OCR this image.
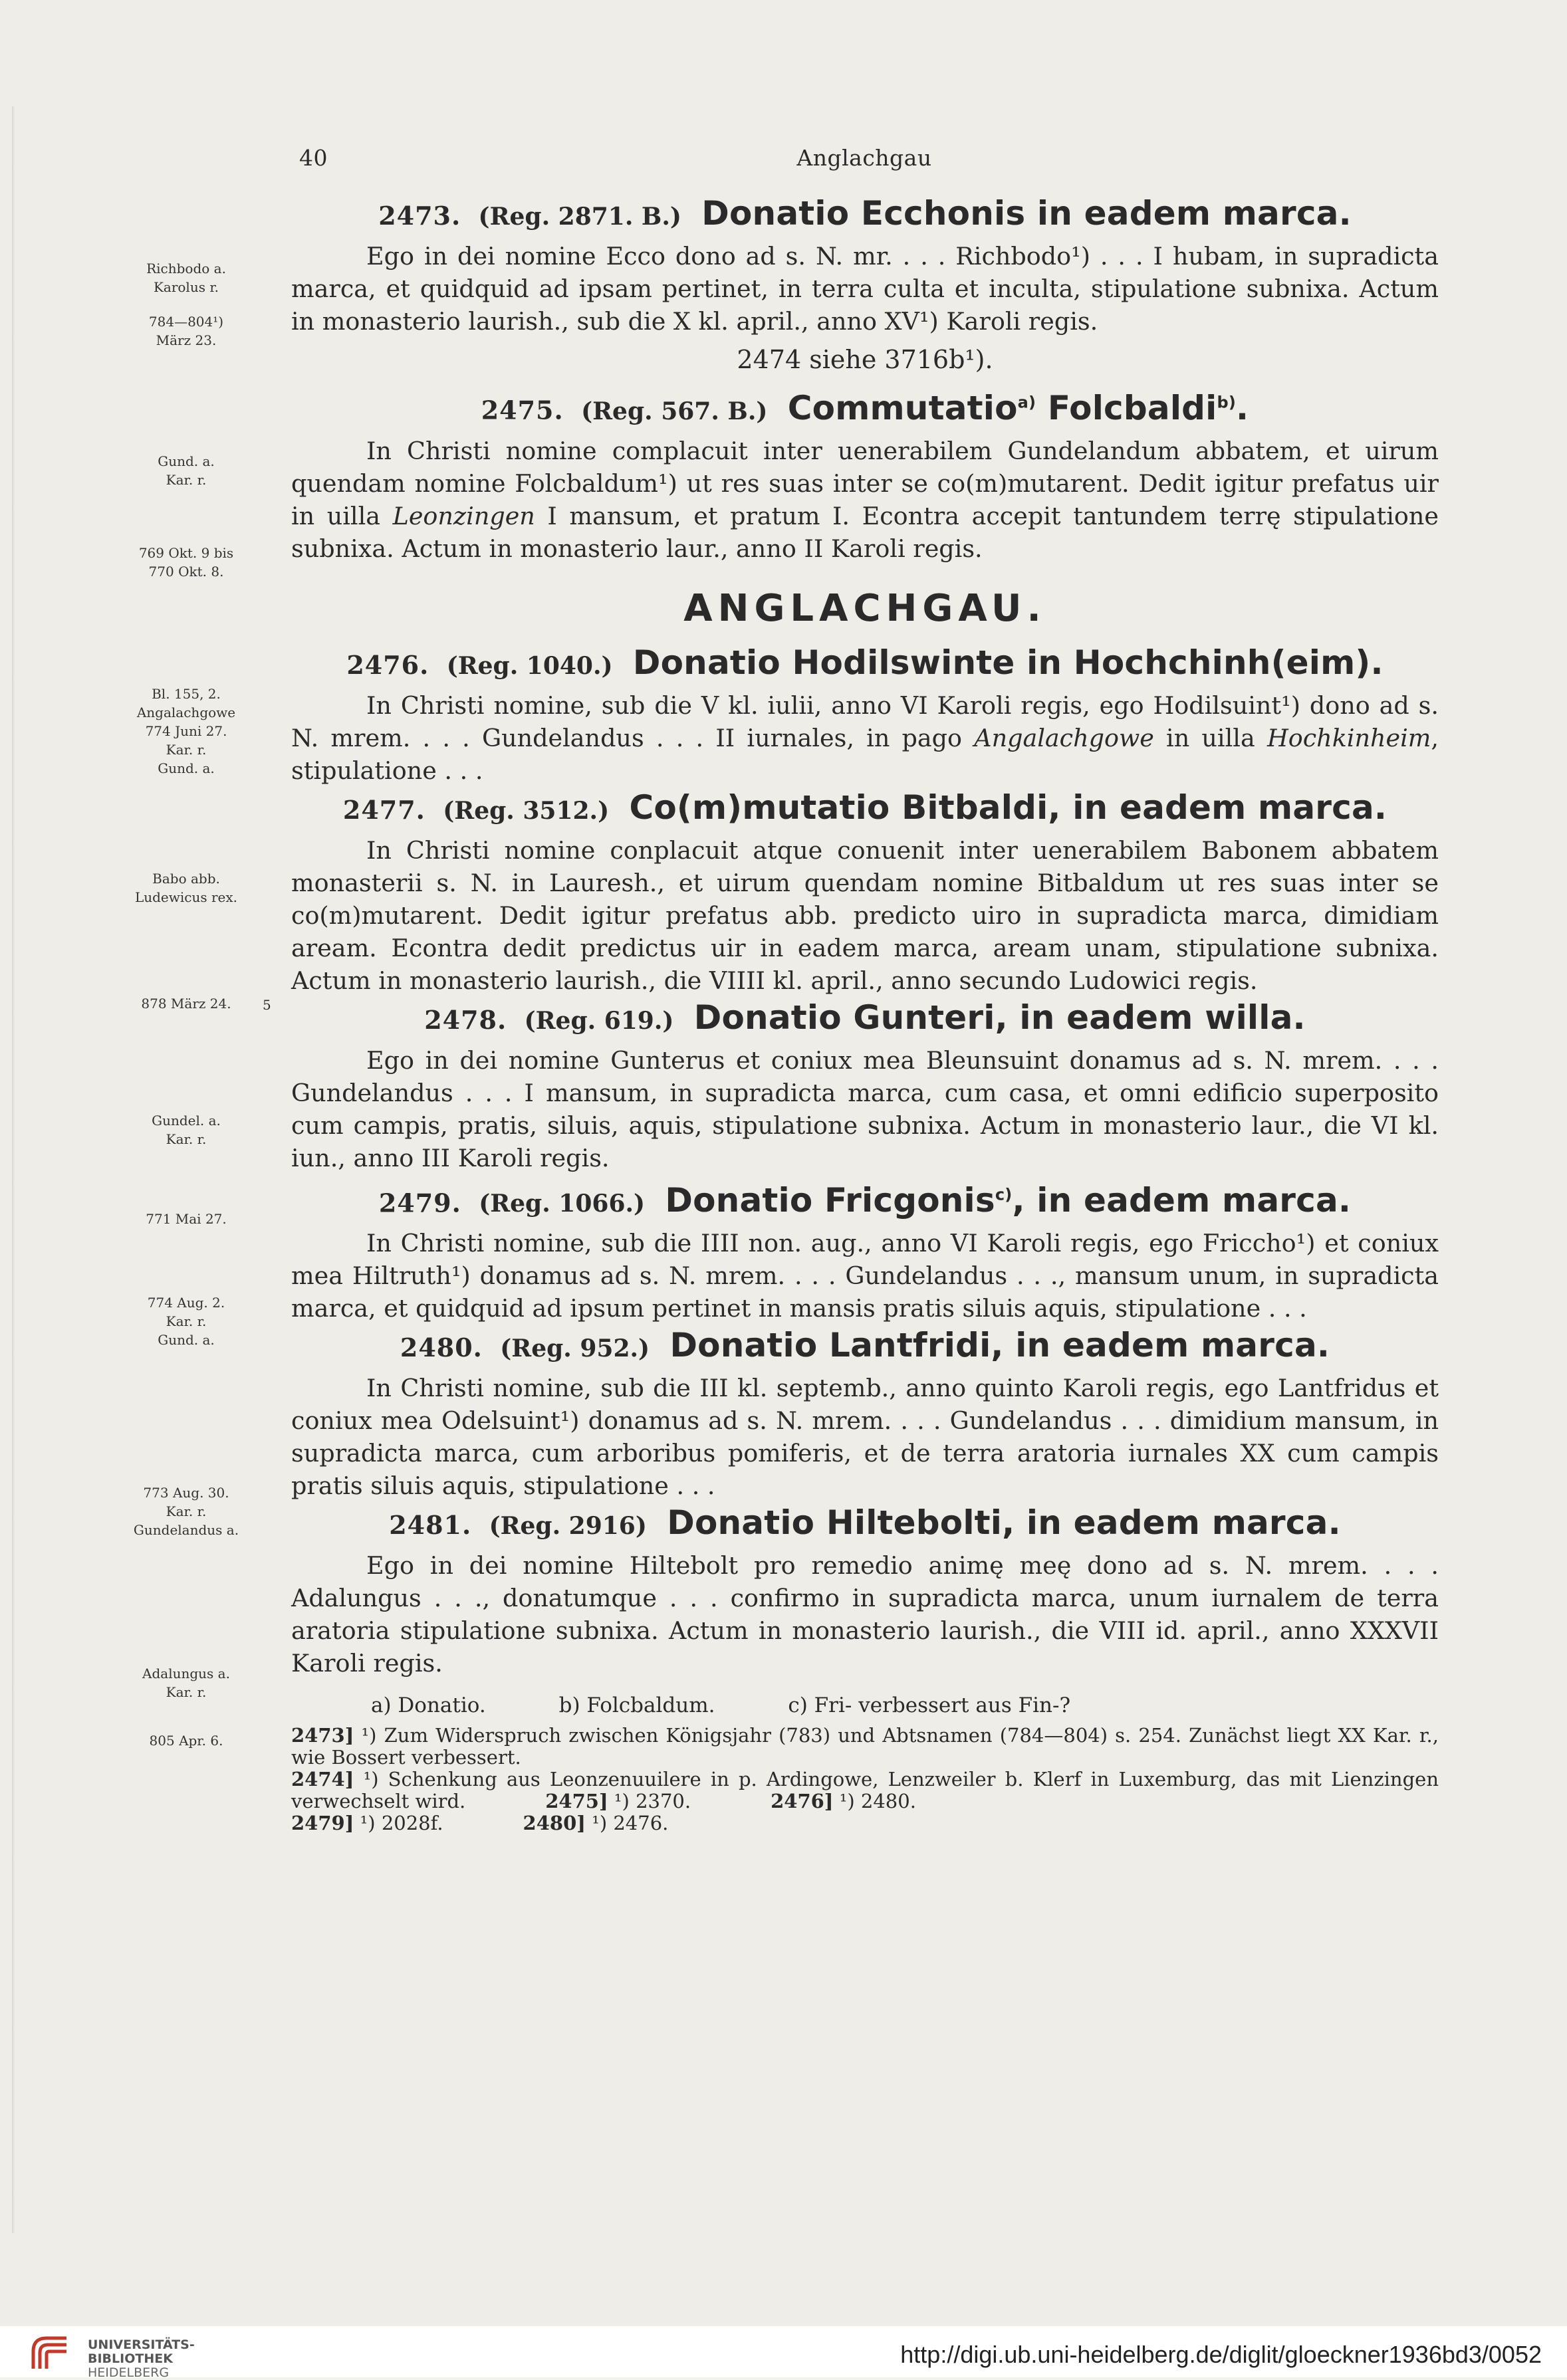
40	Anglachgau
Richbodo a.
Karolus r.
784—804¹)
März 23.
Gund. a.
Kar. r.
769 Okt. 9 bis
770 Okt. 8.
Bl. 155, 2.
Angalachgowe
774 Juni 27.
Kar. r.
Gund. a.
Babo abb.
Ludewicus rex.
878 März 24.
Gundel. a.
Kar. r.
771 Mai 27.
774 Aug. 2.
Kar. r.
Gund. a.
773 Aug. 30.
Kar. r.
Gundelandus a.
Adalungus a.
Kar. r.
805 Apr. 6.
5
2473. (Reg. 2871. B.) Donatio Ecchonis in eadem marca.

Ego in dei nomine Ecco dono ad s. N. mr. . . . Richbodo¹) . . . I hubam, in supradicta marca, et quidquid ad ipsam pertinet, in terra culta et inculta, stipulatione subnixa. Actum in monasterio laurish., sub die X kl. april., anno XV¹) Karoli regis.

2474 siehe 3716b¹).

2475. (Reg. 567. B.) Commutatio$^{a)}$ Folcbaldi$^{b)}$.

In Christi nomine complacuit inter uenerabilem Gundelandum abbatem, et uirum quendam nomine Folcbaldum¹) ut res suas inter se co(m)mutarent. Dedit igitur prefatus uir in uilla Leonzingen I mansum, et pratum I. Econtra accepit tantundem terrę stipulatione subnixa. Actum in monasterio laur., anno II Karoli regis.

ANGLACHGAU.
2476. (Reg. 1040.) Donatio Hodilswinte in Hochchinh(eim).

In Christi nomine, sub die V kl. iulii, anno VI Karoli regis, ego Hodilsuint¹) dono ad s. N. mrem. . . . Gundelandus . . . II iurnales, in pago Angalachgowe in uilla Hochkinheim, stipulatione . . .

2477. (Reg. 3512.) Co(m)mutatio Bitbaldi, in eadem marca.

In Christi nomine conplacuit atque conuenit inter uenerabilem Babonem abbatem monasterii s. N. in Lauresh., et uirum quendam nomine Bitbaldum ut res suas inter se co(m)mutarent. Dedit igitur prefatus abb. predicto uiro in supradicta marca, dimidiam aream. Econtra dedit predictus uir in eadem marca, aream unam, stipulatione subnixa. Actum in monasterio laurish., die VIIII kl. april., anno secundo Ludowici regis.

2478. (Reg. 619.) Donatio Gunteri, in eadem willa.

Ego in dei nomine Gunterus et coniux mea Bleunsuint donamus ad s. N. mrem. . . . Gundelandus . . . I mansum, in supradicta marca, cum casa, et omni edificio superposito cum campis, pratis, siluis, aquis, stipulatione subnixa. Actum in monasterio laur., die VI kl. iun., anno III Karoli regis.

2479. (Reg. 1066.) Donatio Fricgonis$^{c)}$, in eadem marca.

In Christi nomine, sub die IIII non. aug., anno VI Karoli regis, ego Friccho¹) et coniux mea Hiltruth¹) donamus ad s. N. mrem. . . . Gundelandus . . ., mansum unum, in supradicta marca, et quidquid ad ipsum pertinet in mansis pratis siluis aquis, stipulatione . . .

2480. (Reg. 952.) Donatio Lantfridi, in eadem marca.

In Christi nomine, sub die III kl. septemb., anno quinto Karoli regis, ego Lantfridus et coniux mea Odelsuint¹) donamus ad s. N. mrem. . . . Gundelandus . . . dimidium mansum, in supradicta marca, cum arboribus pomiferis, et de terra aratoria iurnales XX cum campis pratis siluis aquis, stipulatione . . .

2481. (Reg. 2916) Donatio Hiltebolti, in eadem marca.

Ego in dei nomine Hiltebolt pro remedio animę meę dono ad s. N. mrem. . . . Adalungus . . ., donatumque . . . confirmo in supradicta marca, unum iurnalem de terra aratoria stipulatione subnixa. Actum in monasterio laurish., die VIII id. april., anno XXXVII Karoli regis.

a) Donatio.	b) Folcbaldum.	c) Fri- verbessert aus Fin-?

2473] ¹) Zum Widerspruch zwischen Königsjahr (783) und Abtsnamen (784—804) s. 254. Zunächst liegt XX Kar. r., wie Bossert verbessert.

2474] ¹) Schenkung aus Leonzenuuilere in p. Ardingowe, Lenzweiler b. Klerf in Luxemburg, das mit Lienzingen verwechselt wird.	2475] ¹) 2370.	2476] ¹) 2480.

2479] ¹) 2028f.	2480] ¹) 2476.

UNIVERSITÄTS-
BIBLIOTHEK
HEIDELBERG
http://digi.ub.uni-heidelberg.de/diglit/gloeckner1936bd3/0052
